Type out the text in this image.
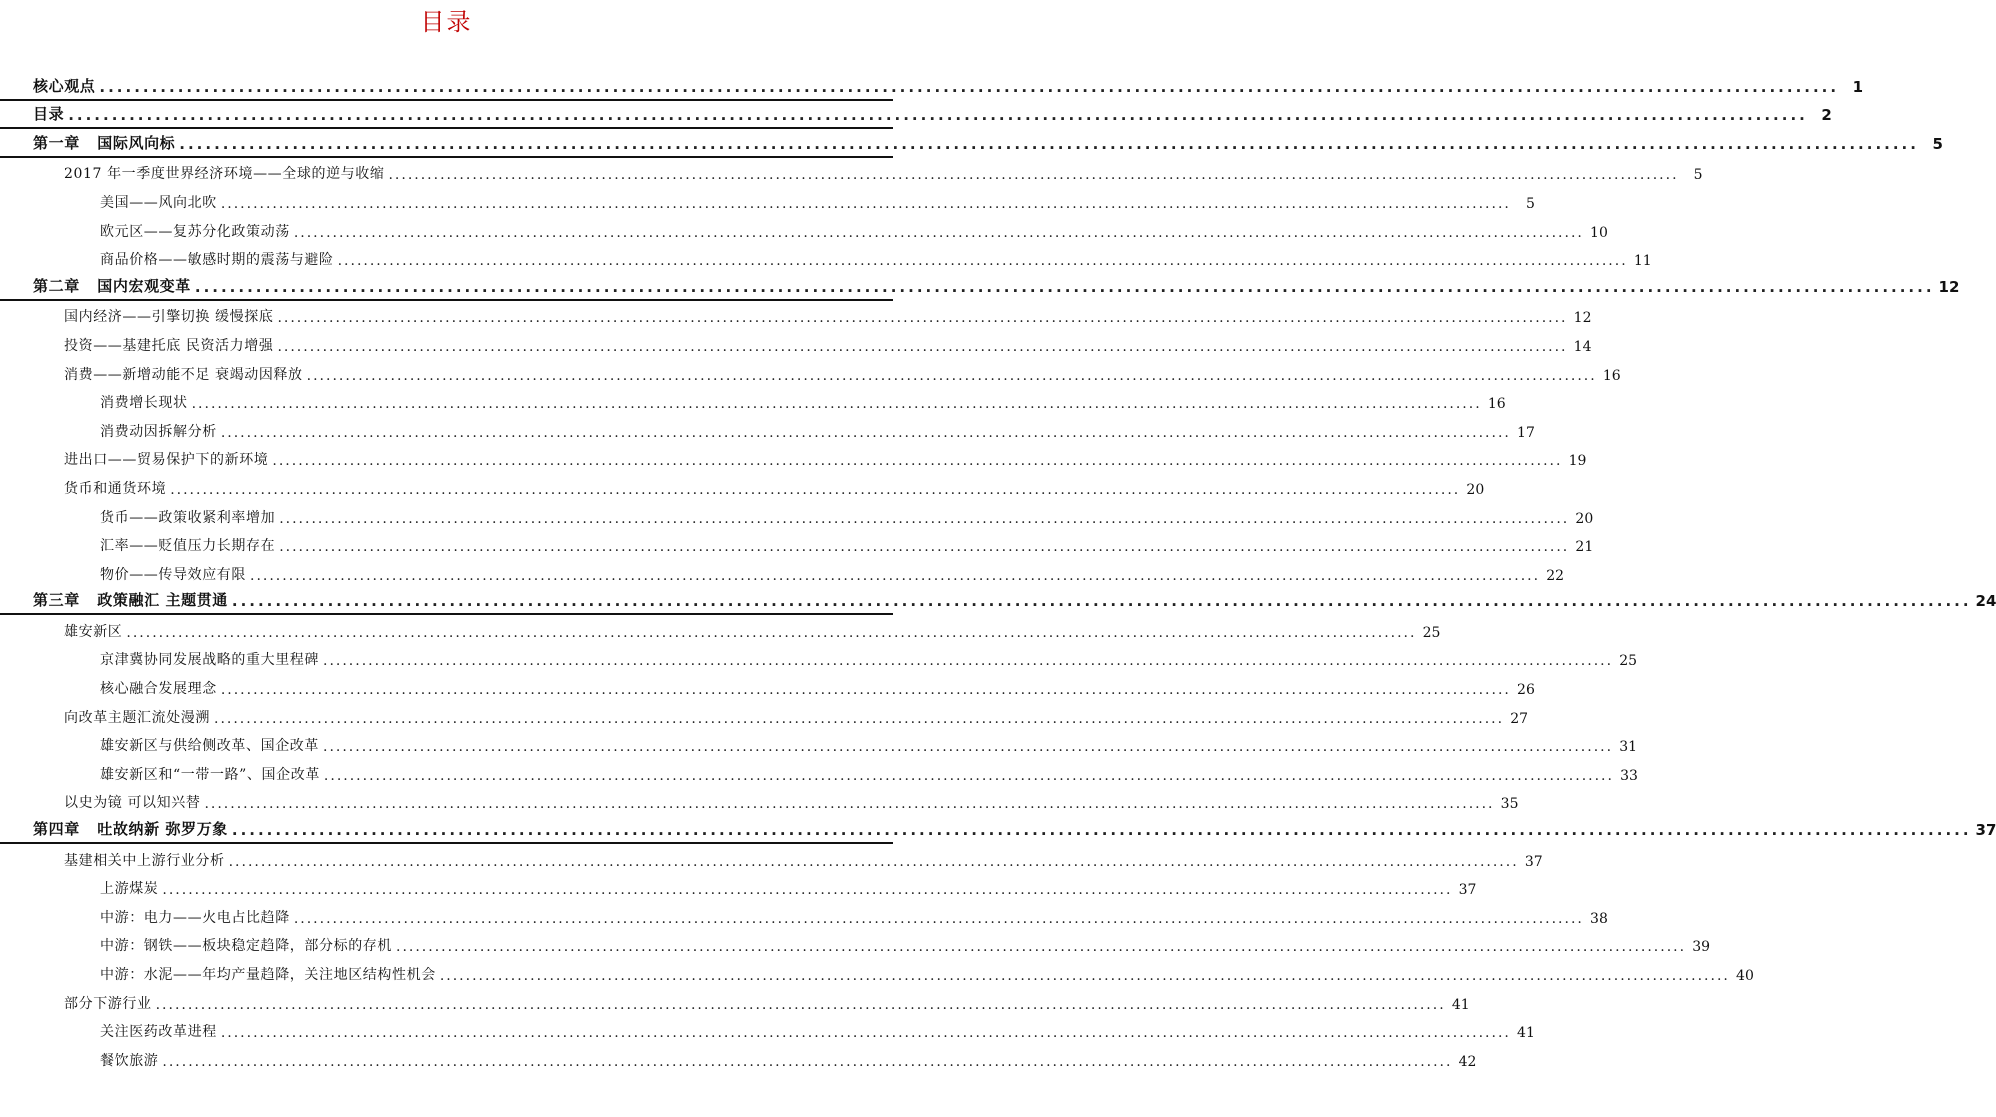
目录
核心观点 ........................................................................................................................................................................................................ 1
目录 ........................................................................................................................................................................................................ 2
第一章   国际风向标 ........................................................................................................................................................................................................ 5
2017 年一季度世界经济环境——全球的逆与收缩 ........................................................................................................................................................................................................	5
美国——风向北吹 ........................................................................................................................................................................................................	5
欧元区——复苏分化政策动荡 ........................................................................................................................................................................................................ 10
商品价格——敏感时期的震荡与避险 ........................................................................................................................................................................................................ 11
第二章   国内宏观变革 ........................................................................................................................................................................................................ 12
国内经济——引擎切换 缓慢探底 ........................................................................................................................................................................................................ 12
投资——基建托底 民资活力增强 ........................................................................................................................................................................................................ 14
消费——新增动能不足 衰竭动因释放 ........................................................................................................................................................................................................ 16
消费增长现状 ........................................................................................................................................................................................................ 16
消费动因拆解分析 ........................................................................................................................................................................................................ 17
进出口——贸易保护下的新环境 ........................................................................................................................................................................................................ 19
货币和通货环境 ........................................................................................................................................................................................................ 20
货币——政策收紧利率增加 ........................................................................................................................................................................................................ 20
汇率——贬值压力长期存在 ........................................................................................................................................................................................................ 21
物价——传导效应有限 ........................................................................................................................................................................................................ 22
第三章   政策融汇 主题贯通 ........................................................................................................................................................................................................ 24
雄安新区 ........................................................................................................................................................................................................ 25
京津冀协同发展战略的重大里程碑 ........................................................................................................................................................................................................ 25
核心融合发展理念 ........................................................................................................................................................................................................ 26
向改革主题汇流处漫溯 ........................................................................................................................................................................................................ 27
雄安新区与供给侧改革、国企改革 ........................................................................................................................................................................................................ 31
雄安新区和“一带一路”、国企改革 ........................................................................................................................................................................................................ 33
以史为镜 可以知兴替 ........................................................................................................................................................................................................ 35
第四章   吐故纳新 弥罗万象 ........................................................................................................................................................................................................ 37
基建相关中上游行业分析 ........................................................................................................................................................................................................ 37
上游煤炭 ........................................................................................................................................................................................................ 37
中游：电力——火电占比趋降 ........................................................................................................................................................................................................ 38
中游：钢铁——板块稳定趋降，部分标的存机 ........................................................................................................................................................................................................ 39
中游：水泥——年均产量趋降，关注地区结构性机会 ........................................................................................................................................................................................................ 40
部分下游行业 ........................................................................................................................................................................................................ 41
关注医药改革进程 ........................................................................................................................................................................................................ 41
餐饮旅游 ........................................................................................................................................................................................................ 42
